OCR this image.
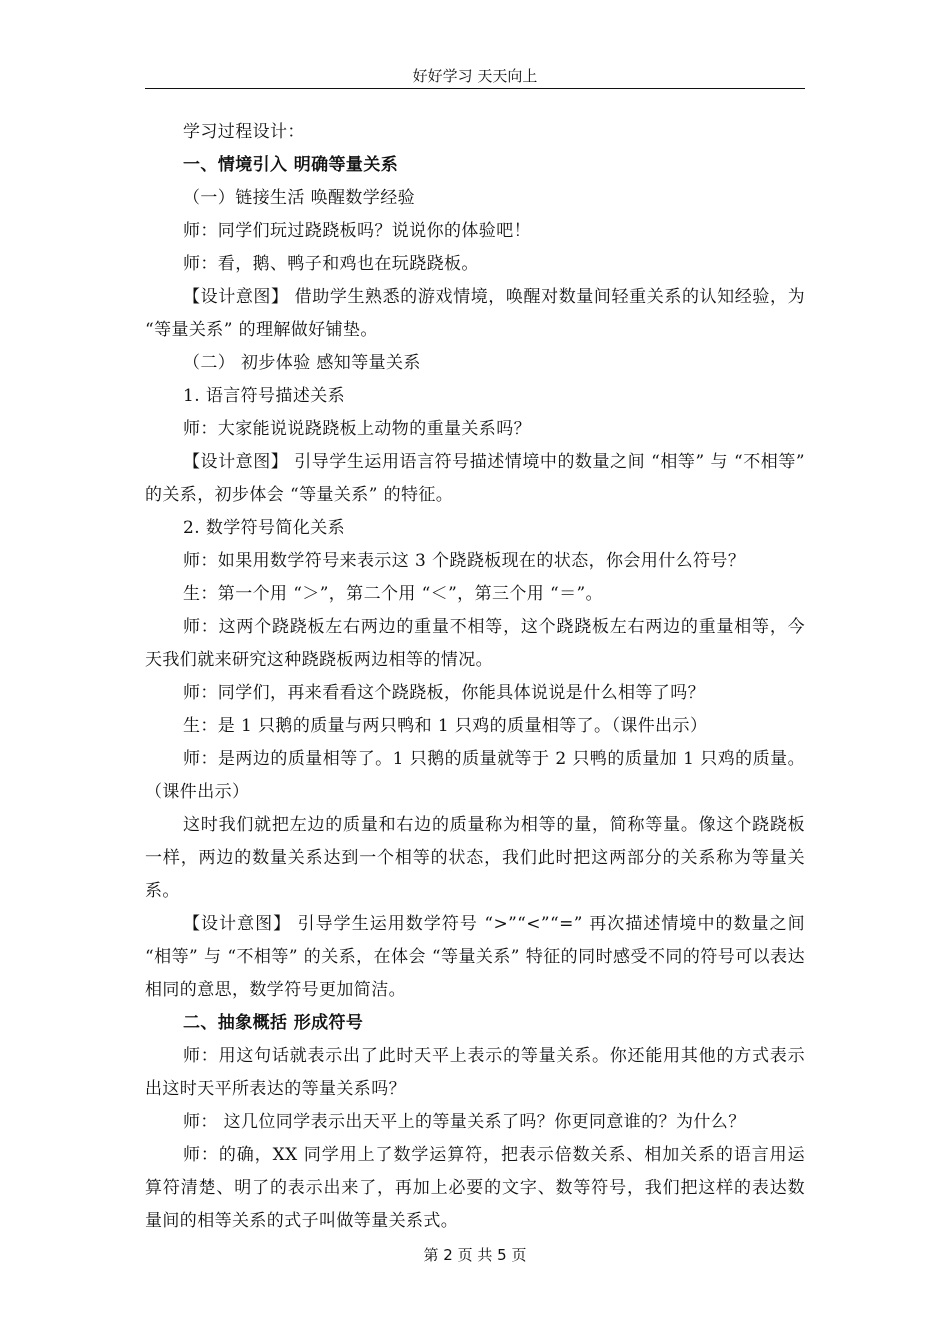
好好学习 天天向上

学习过程设计：

一、情境引入 明确等量关系

（一）链接生活 唤醒数学经验

师：同学们玩过跷跷板吗？说说你的体验吧！

师：看，鹅、鸭子和鸡也在玩跷跷板。

【设计意图】 借助学生熟悉的游戏情境，唤醒对数量间轻重关系的认知经验，为 “等量关系” 的理解做好铺垫。

（二） 初步体验 感知等量关系

1. 语言符号描述关系

师：大家能说说跷跷板上动物的重量关系吗？

【设计意图】 引导学生运用语言符号描述情境中的数量之间 “相等” 与 “不相等” 的关系，初步体会 “等量关系” 的特征。

2. 数学符号简化关系

师：如果用数学符号来表示这 3 个跷跷板现在的状态，你会用什么符号？

生：第一个用 “＞”，第二个用 “＜”，第三个用 “＝”。

师：这两个跷跷板左右两边的重量不相等，这个跷跷板左右两边的重量相等，今天我们就来研究这种跷跷板两边相等的情况。

师：同学们，再来看看这个跷跷板，你能具体说说是什么相等了吗？

生：是 1 只鹅的质量与两只鸭和 1 只鸡的质量相等了。（课件出示）

师：是两边的质量相等了。1 只鹅的质量就等于 2 只鸭的质量加 1 只鸡的质量。（课件出示）

这时我们就把左边的质量和右边的质量称为相等的量，简称等量。像这个跷跷板一样，两边的数量关系达到一个相等的状态，我们此时把这两部分的关系称为等量关系。

【设计意图】 引导学生运用数学符号 “>”“<”“=” 再次描述情境中的数量之间 “相等” 与 “不相等” 的关系，在体会 “等量关系” 特征的同时感受不同的符号可以表达相同的意思，数学符号更加简洁。

二、抽象概括 形成符号

师：用这句话就表示出了此时天平上表示的等量关系。你还能用其他的方式表示出这时天平所表达的等量关系吗？

师： 这几位同学表示出天平上的等量关系了吗？你更同意谁的？为什么？

师：的确，XX 同学用上了数学运算符，把表示倍数关系、相加关系的语言用运算符清楚、明了的表示出来了，再加上必要的文字、数等符号，我们把这样的表达数量间的相等关系的式子叫做等量关系式。

第 2 页 共 5 页
